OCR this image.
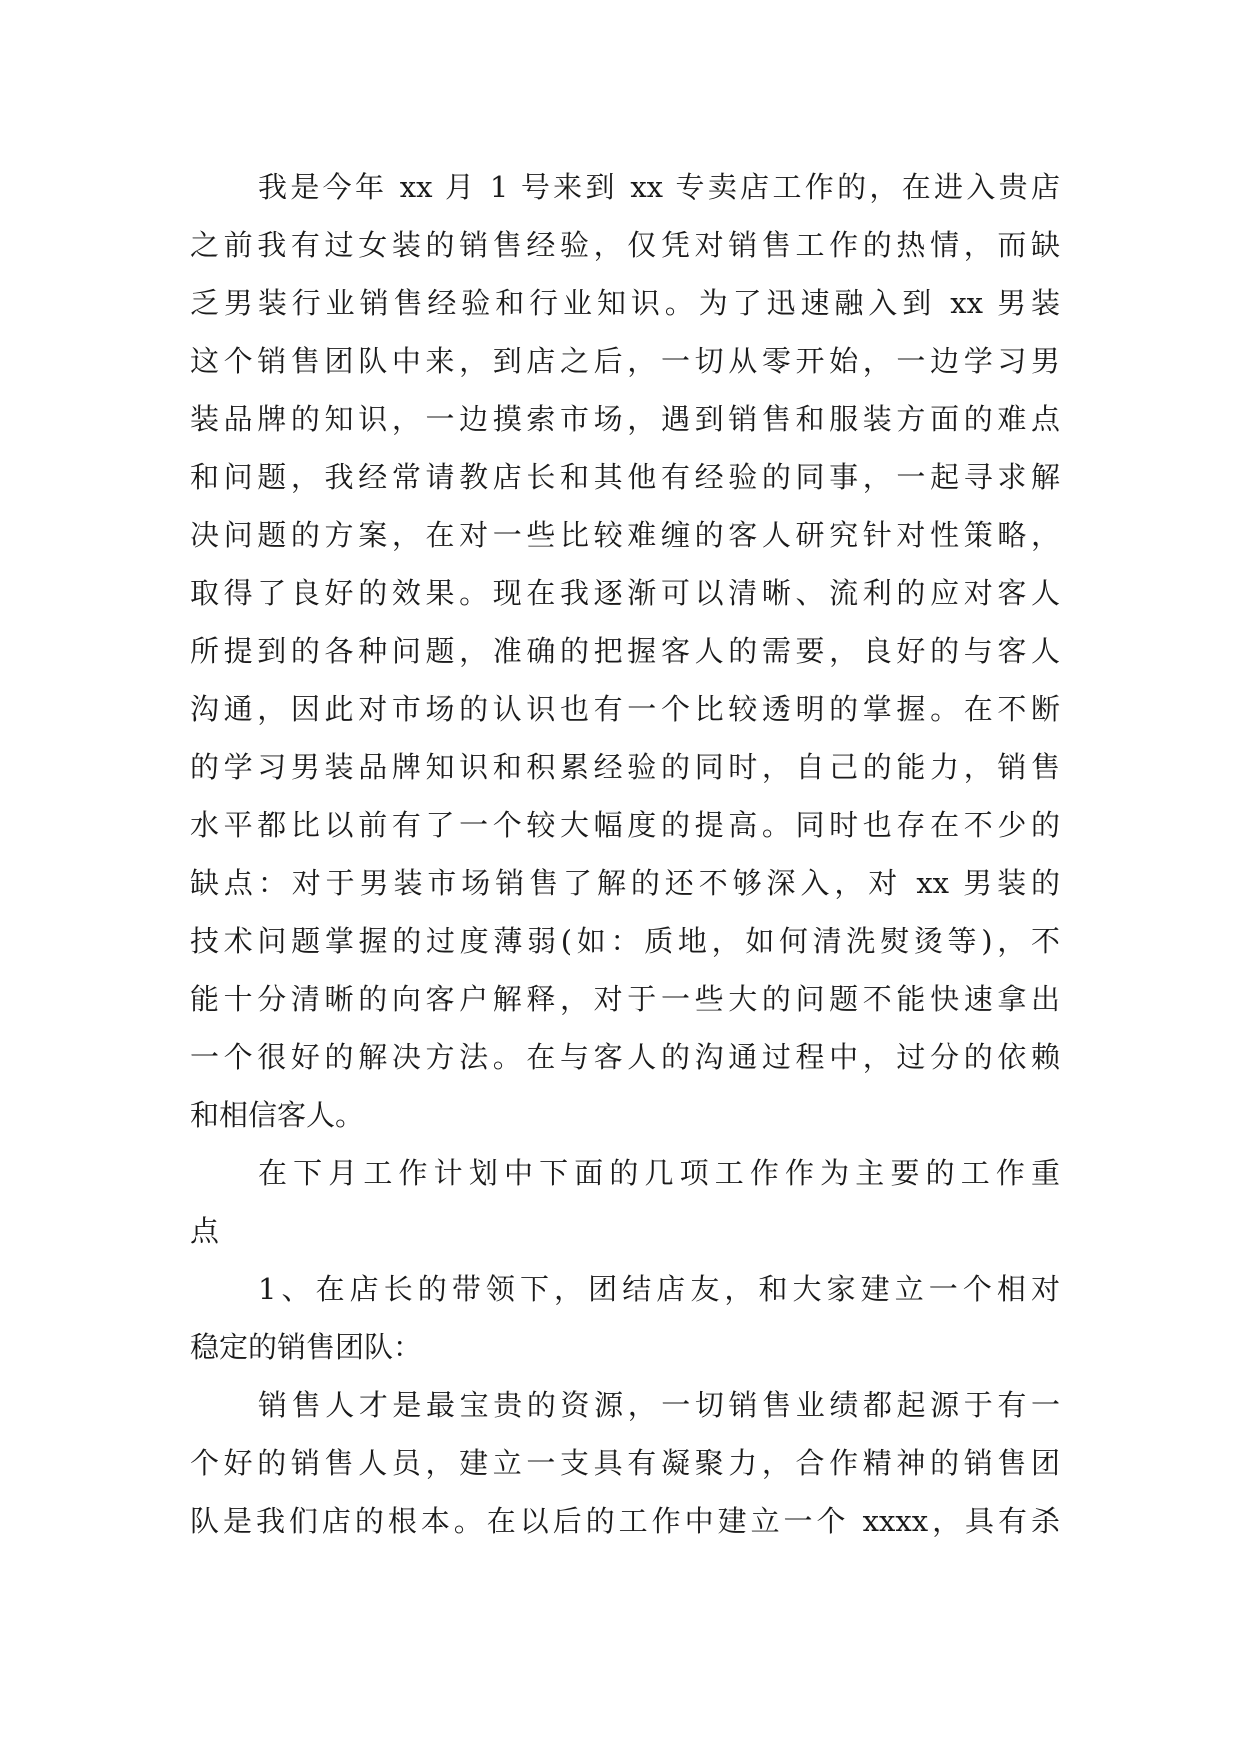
我是今年 xx 月 1 号来到 xx 专卖店工作的，在进入贵店
之前我有过女装的销售经验，仅凭对销售工作的热情，而缺
乏男装行业销售经验和行业知识。为了迅速融入到 xx 男装
这个销售团队中来，到店之后，一切从零开始，一边学习男
装品牌的知识，一边摸索市场，遇到销售和服装方面的难点
和问题，我经常请教店长和其他有经验的同事，一起寻求解
决问题的方案，在对一些比较难缠的客人研究针对性策略，
取得了良好的效果。现在我逐渐可以清晰、流利的应对客人
所提到的各种问题，准确的把握客人的需要，良好的与客人
沟通，因此对市场的认识也有一个比较透明的掌握。在不断
的学习男装品牌知识和积累经验的同时，自己的能力，销售
水平都比以前有了一个较大幅度的提高。同时也存在不少的
缺点：对于男装市场销售了解的还不够深入，对 xx 男装的
技术问题掌握的过度薄弱(如：质地，如何清洗熨烫等)，不
能十分清晰的向客户解释，对于一些大的问题不能快速拿出
一个很好的解决方法。在与客人的沟通过程中，过分的依赖
和相信客人。
在下月工作计划中下面的几项工作作为主要的工作重
点
1、在店长的带领下，团结店友，和大家建立一个相对
稳定的销售团队：
销售人才是最宝贵的资源，一切销售业绩都起源于有一
个好的销售人员，建立一支具有凝聚力，合作精神的销售团
队是我们店的根本。在以后的工作中建立一个 xxxx，具有杀
